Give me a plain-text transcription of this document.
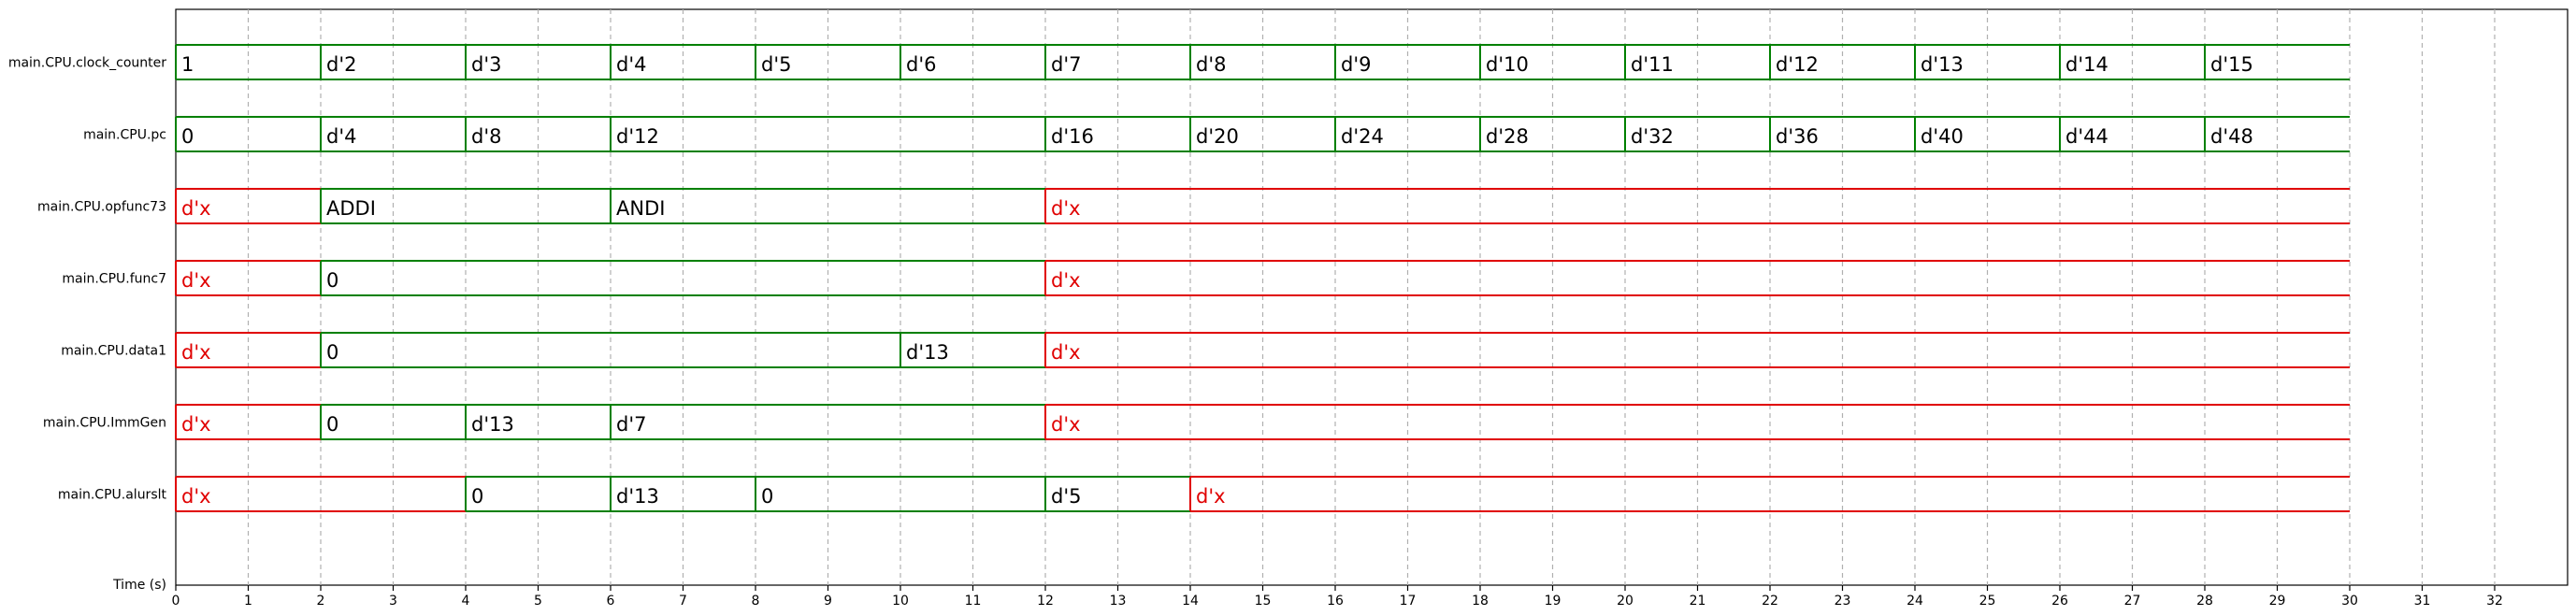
1	d'2	d'3	d'4	d'5	d'6	d'7	d'8	d'9	d'10	d'11	d'12	d'13	d'14	d'15
0	d'4	d'8	d'12	d'16	d'20	d'24	d'28	d'32	d'36	d'40	d'44	d'48
d'x	ADDI	ANDI	d'x
d'x	0	d'x
d'x	0	d'13	d'x
d'x	0	d'13	d'7	d'x
d'x	0	d'13	0	d'5	d'x
main.CPU.clock_counter
main.CPU.pc
main.CPU.opfunc73
main.CPU.func7
main.CPU.data1
main.CPU.ImmGen
main.CPU.alurslt
0	1	2	3	4	5	6	7	8	9	10	11	12	13	14	15	16	17	18	19	20	21	22	23	24	25	26	27	28	29	30	31	32
Time (s)
